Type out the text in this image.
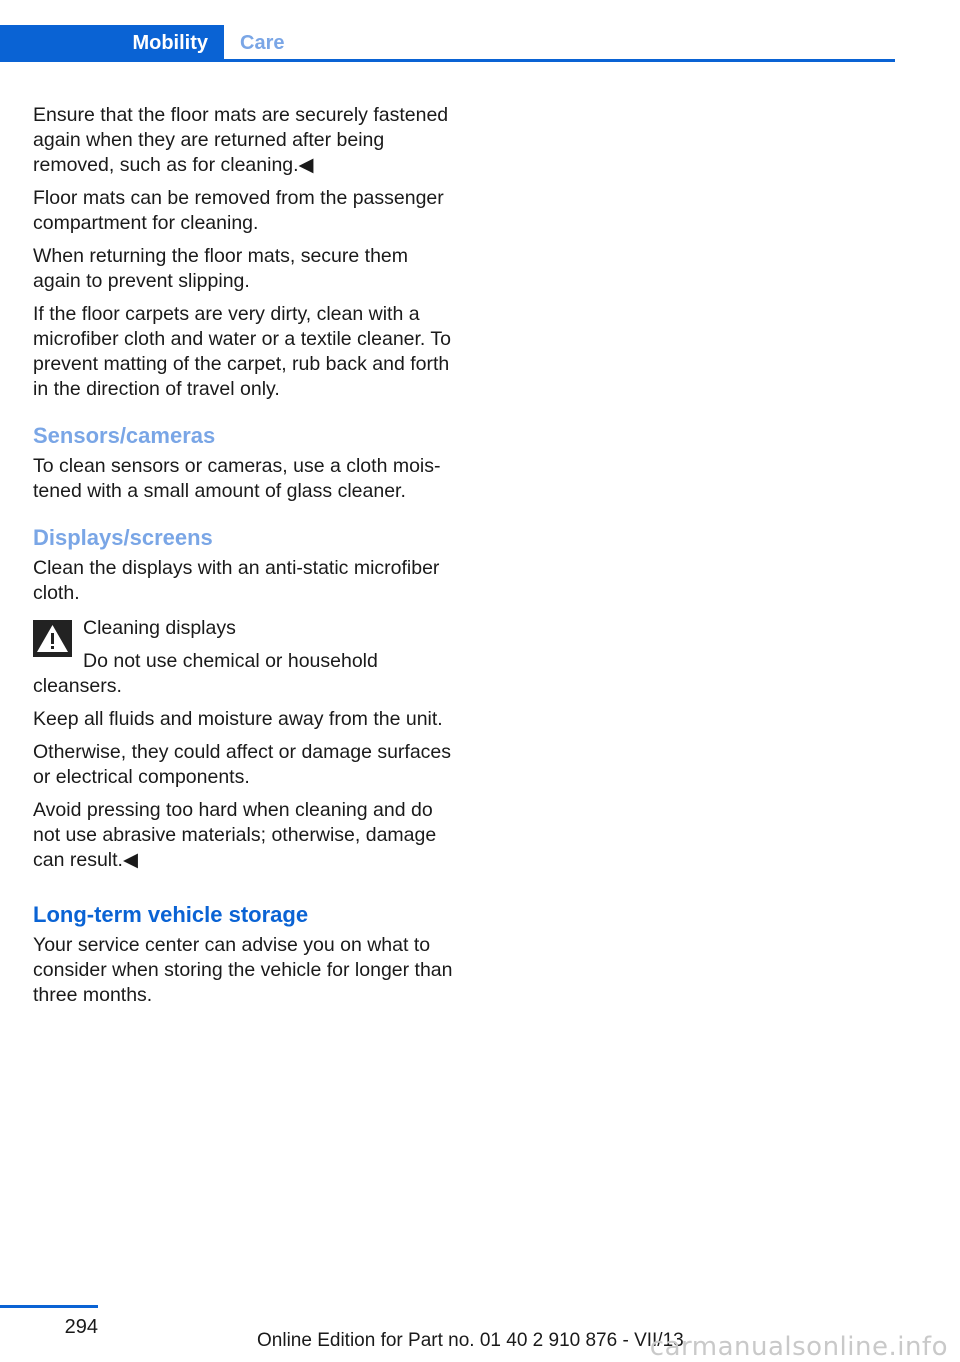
Mobility	Care

Ensure that the floor mats are securely fastened again when they are returned after being removed, such as for cleaning.◀

Floor mats can be removed from the passenger compartment for cleaning.

When returning the floor mats, secure them again to prevent slipping.

If the floor carpets are very dirty, clean with a microfiber cloth and water or a textile cleaner. To prevent matting of the carpet, rub back and forth in the direction of travel only.

Sensors/cameras

To clean sensors or cameras, use a cloth moistened with a small amount of glass cleaner.

Displays/screens

Clean the displays with an anti-static microfiber cloth.

Cleaning displays

Do not use chemical or household cleansers.

Keep all fluids and moisture away from the unit.

Otherwise, they could affect or damage surfaces or electrical components.

Avoid pressing too hard when cleaning and do not use abrasive materials; otherwise, damage can result.◀

Long-term vehicle storage

Your service center can advise you on what to consider when storing the vehicle for longer than three months.

294
Online Edition for Part no. 01 40 2 910 876 - VII/13
carmanualsonline.info
